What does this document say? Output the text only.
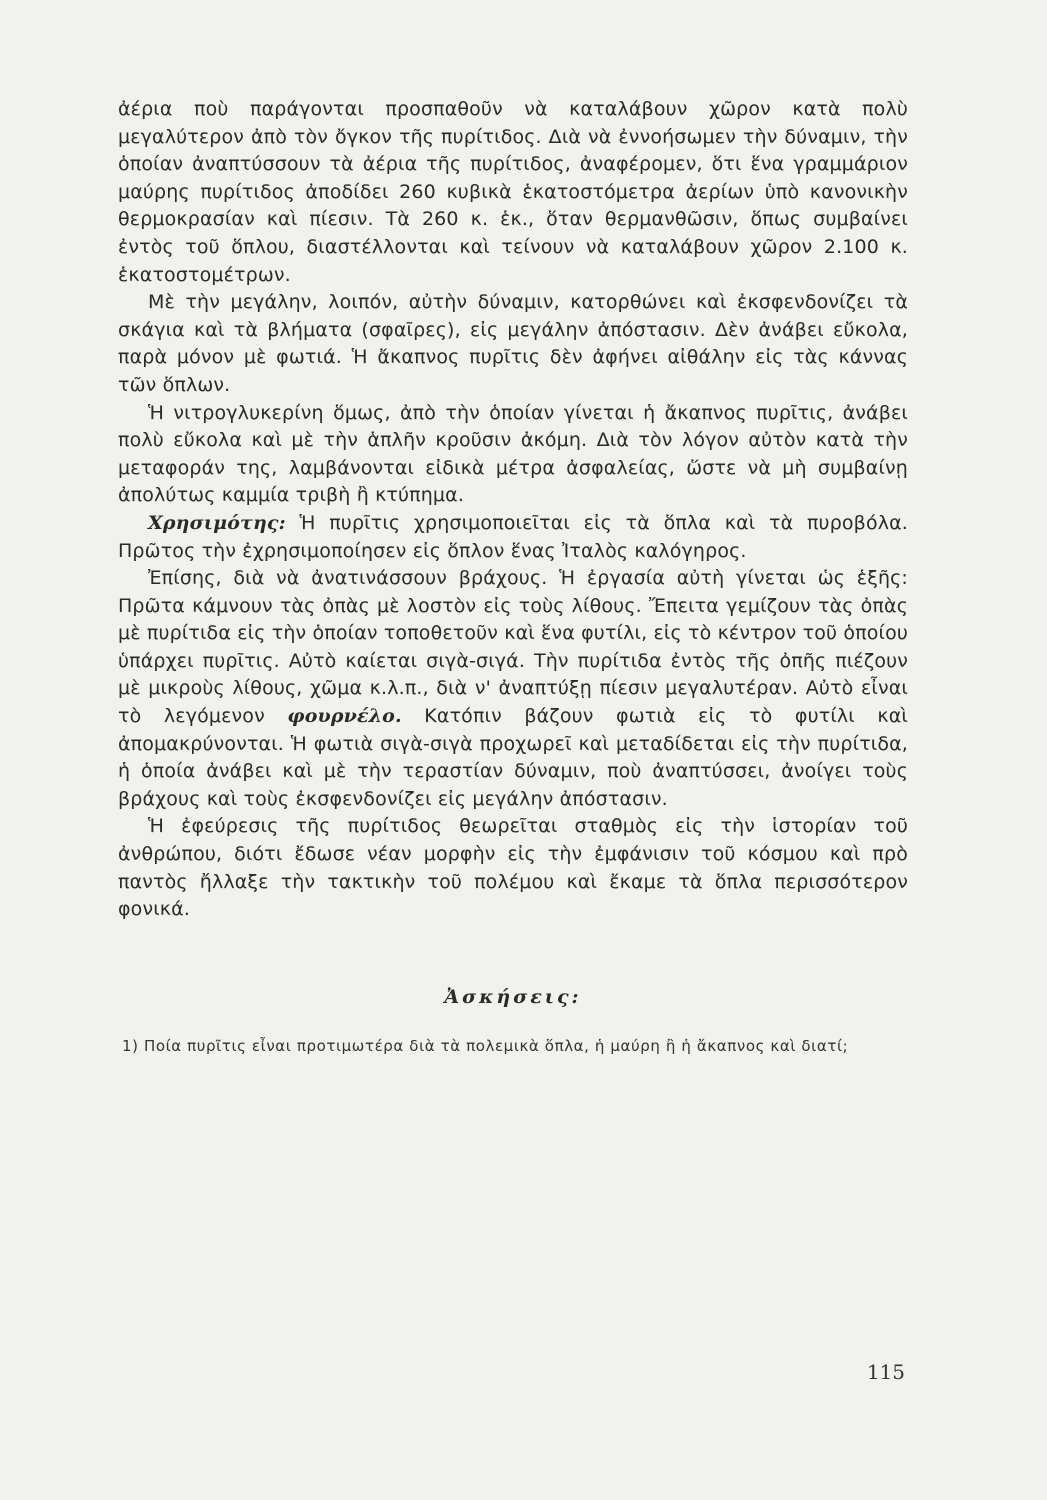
ἀέρια ποὺ παράγονται προσπαθοῦν νὰ καταλάβουν χῶρον κατὰ πολὺ μεγαλύτερον ἀπὸ τὸν ὄγκον τῆς πυρίτιδος. Διὰ νὰ ἐννοήσωμεν τὴν δύναμιν, τὴν ὁποίαν ἀναπτύσσουν τὰ ἀέρια τῆς πυρίτιδος, ἀναφέρομεν, ὅτι ἕνα γραμμάριον μαύρης πυρίτιδος ἀποδίδει 260 κυβικὰ ἑκατοστόμετρα ἀερίων ὑπὸ κανονικὴν θερμοκρασίαν καὶ πίεσιν. Τὰ 260 κ. ἑκ., ὅταν θερμανθῶσιν, ὅπως συμβαίνει ἐντὸς τοῦ ὅπλου, διαστέλλονται καὶ τείνουν νὰ καταλάβουν χῶρον 2.100 κ. ἑκατοστομέτρων.

Μὲ τὴν μεγάλην, λοιπόν, αὐτὴν δύναμιν, κατορθώνει καὶ ἐκσφενδονίζει τὰ σκάγια καὶ τὰ βλήματα (σφαῖρες), εἰς μεγάλην ἀπόστασιν. Δὲν ἀνάβει εὔκολα, παρὰ μόνον μὲ φωτιά. Ἡ ἄκαπνος πυρῖτις δὲν ἀφήνει αἰθάλην εἰς τὰς κάννας τῶν ὅπλων.

Ἡ νιτρογλυκερίνη ὅμως, ἀπὸ τὴν ὁποίαν γίνεται ἡ ἄκαπνος πυρῖτις, ἀνάβει πολὺ εὔκολα καὶ μὲ τὴν ἁπλῆν κροῦσιν ἀκόμη. Διὰ τὸν λόγον αὐτὸν κατὰ τὴν μεταφοράν της, λαμβάνονται εἰδικὰ μέτρα ἀσφαλείας, ὥστε νὰ μὴ συμβαίνῃ ἀπολύτως καμμία τριβὴ ἢ κτύπημα.

Χρησιμότης: Ἡ πυρῖτις χρησιμοποιεῖται εἰς τὰ ὅπλα καὶ τὰ πυροβόλα. Πρῶτος τὴν ἐχρησιμοποίησεν εἰς ὅπλον ἕνας Ἰταλὸς καλόγηρος.

Ἐπίσης, διὰ νὰ ἀνατινάσσουν βράχους. Ἡ ἐργασία αὐτὴ γίνεται ὡς ἑξῆς: Πρῶτα κάμνουν τὰς ὀπὰς μὲ λοστὸν εἰς τοὺς λίθους. Ἔπειτα γεμίζουν τὰς ὀπὰς μὲ πυρίτιδα εἰς τὴν ὁποίαν τοποθετοῦν καὶ ἕνα φυτίλι, εἰς τὸ κέντρον τοῦ ὁποίου ὑπάρχει πυρῖτις. Αὐτὸ καίεται σιγὰ-σιγά. Τὴν πυρίτιδα ἐντὸς τῆς ὀπῆς πιέζουν μὲ μικροὺς λίθους, χῶμα κ.λ.π., διὰ ν' ἀναπτύξῃ πίεσιν μεγαλυτέραν. Αὐτὸ εἶναι τὸ λεγόμενον φουρνέλο. Κατόπιν βάζουν φωτιὰ εἰς τὸ φυτίλι καὶ ἀπομακρύνονται. Ἡ φωτιὰ σιγὰ-σιγὰ προχωρεῖ καὶ μεταδίδεται εἰς τὴν πυρίτιδα, ἡ ὁποία ἀνάβει καὶ μὲ τὴν τεραστίαν δύναμιν, ποὺ ἀναπτύσσει, ἀνοίγει τοὺς βράχους καὶ τοὺς ἐκσφενδονίζει εἰς μεγάλην ἀπόστασιν.

Ἡ ἐφεύρεσις τῆς πυρίτιδος θεωρεῖται σταθμὸς εἰς τὴν ἱστορίαν τοῦ ἀνθρώπου, διότι ἔδωσε νέαν μορφὴν εἰς τὴν ἐμφάνισιν τοῦ κόσμου καὶ πρὸ παντὸς ἤλλαξε τὴν τακτικὴν τοῦ πολέμου καὶ ἔκαμε τὰ ὅπλα περισσότερον φονικά.

Ἀσκήσεις:

1) Ποία πυρῖτις εἶναι προτιμωτέρα διὰ τὰ πολεμικὰ ὅπλα, ἡ μαύρη ἢ ἡ ἄκαπνος καὶ διατί;

115
